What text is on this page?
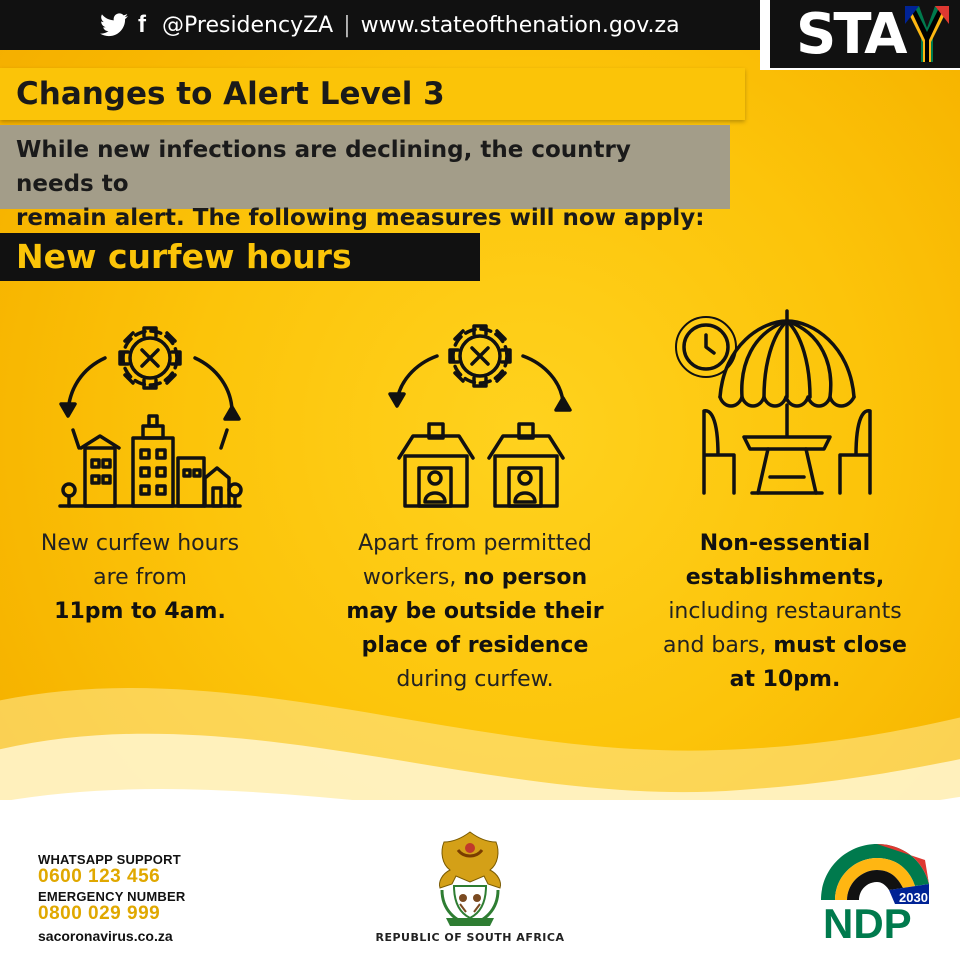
f @PresidencyZA | www.stateofthenation.gov.za STA
Changes to Alert Level 3
While new infections are declining, the country needs to
remain alert. The following measures will now apply:
New curfew hours
New curfew hours
are from
11pm to 4am.
Apart from permitted
workers, no person
may be outside their
place of residence
during curfew.
Non-essential
establishments,
including restaurants
and bars, must close
at 10pm.
WHATSAPP SUPPORT
0600 123 456
EMERGENCY NUMBER
0800 029 999
sacoronavirus.co.za	REPUBLIC OF SOUTH AFRICA
2030
NDP
